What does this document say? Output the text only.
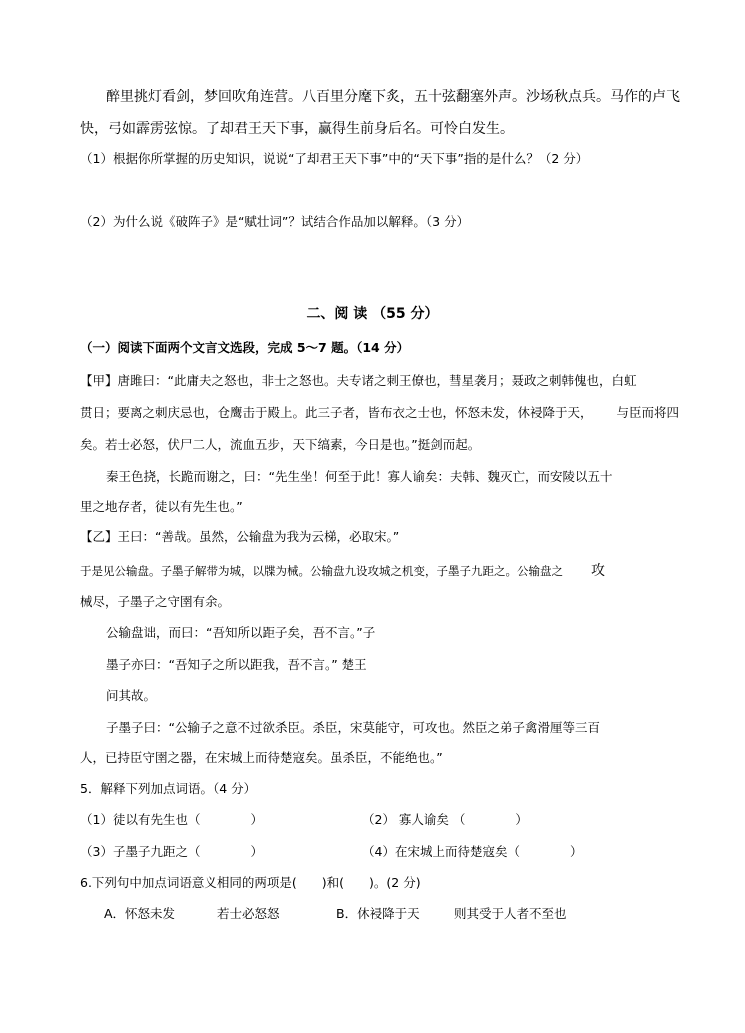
醉里挑灯看剑，梦回吹角连营。八百里分麾下炙，五十弦翻塞外声。沙场秋点兵。马作的卢飞
快，弓如霹雳弦惊。了却君王天下事，赢得生前身后名。可怜白发生。
（1）根据你所掌握的历史知识，说说“了却君王天下事”中的“天下事”指的是什么？（2 分）
（2）为什么说《破阵子》是“赋壮词”？试结合作品加以解释。（3 分）
二、阅 读 （55 分）
（一）阅读下面两个文言文选段，完成 5～7 题。（14 分）
【甲】唐雎曰：“此庸夫之怒也，非士之怒也。夫专诸之刺王僚也，彗星袭月；聂政之刺韩傀也，白虹
贯日；要离之刺庆忌也，仓鹰击于殿上。此三子者，皆布衣之士也，怀怒未发，休祲降于天， 与臣而将四
矣。若士必怒，伏尸二人，流血五步，天下缟素，今日是也。”挺剑而起。
秦王色挠，长跪而谢之，曰：“先生坐！何至于此！寡人谕矣：夫韩、魏灭亡，而安陵以五十
里之地存者，徒以有先生也。”
【乙】王曰：“善哉。虽然，公输盘为我为云梯，必取宋。”
于是见公输盘。子墨子解带为城，以牒为械。公输盘九设攻城之机变，子墨子九距之。公输盘之 攻
械尽，子墨子之守圉有余。
公输盘诎，而曰：“吾知所以距子矣，吾不言。”子
墨子亦曰：“吾知子之所以距我，吾不言。” 楚王
问其故。
子墨子曰：“公输子之意不过欲杀臣。杀臣，宋莫能守，可攻也。然臣之弟子禽滑厘等三百
人，已持臣守圉之器，在宋城上而待楚寇矣。虽杀臣，不能绝也。”
5．解释下列加点词语。（4 分）
（1）徒以有先生也（　　　　）	（2） 寡人谕矣 （　　　　）
（3）子墨子九距之（　　　　）	（4）在宋城上而待楚寇矣（　　　　）
6.下列句中加点词语意义相同的两项是(　　)和(　　)。(2 分)
A．怀怒未发	若士必怒怒	B．休祲降于天	则其受于人者不至也
